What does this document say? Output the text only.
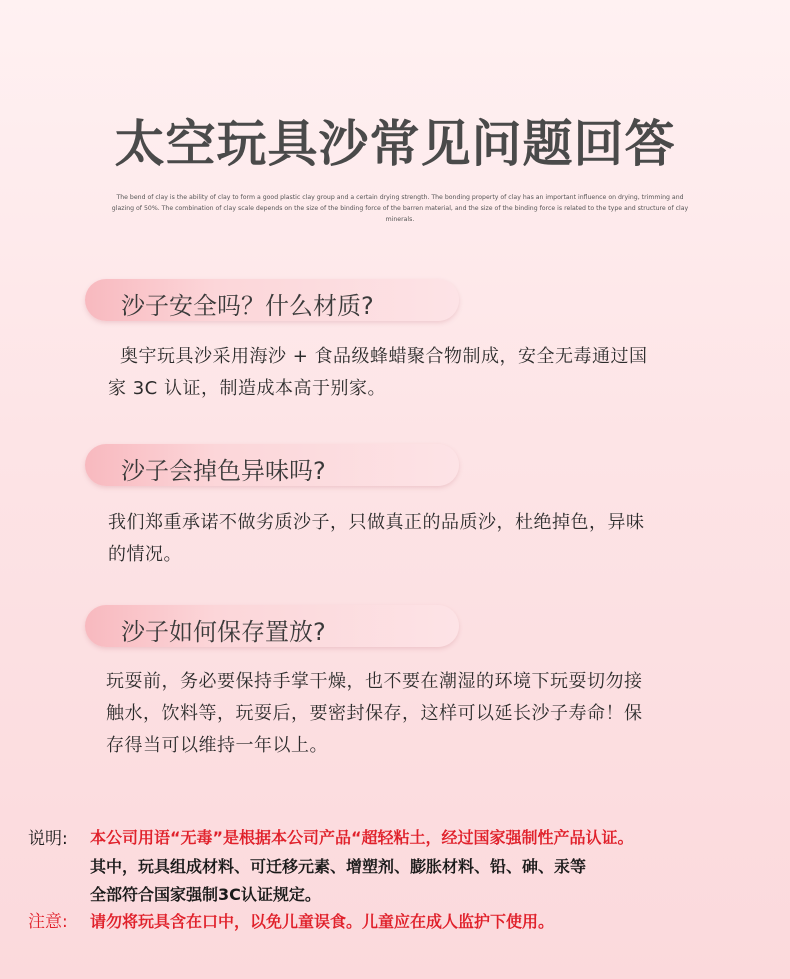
太空玩具沙常见问题回答
The bend of clay is the ability of clay to form a good plastic clay group and a certain drying strength. The bonding property of clay has an important influence on drying, trimming and glazing of 50%. The combination of clay scale depends on the size of the binding force of the barren material, and the size of the binding force is related to the type and structure of clay minerals.
沙子安全吗？什么材质?
奥宇玩具沙采用海沙 + 食品级蜂蜡聚合物制成，安全无毒通过国
家 3C 认证，制造成本高于别家。
沙子会掉色异味吗?
我们郑重承诺不做劣质沙子，只做真正的品质沙，杜绝掉色，异味
的情况。
沙子如何保存置放?
玩耍前，务必要保持手掌干燥，也不要在潮湿的环境下玩耍切勿接
触水，饮料等，玩耍后，要密封保存，这样可以延长沙子寿命！保
存得当可以维持一年以上。
说明: 本公司用语“无毒”是根据本公司产品“超轻粘土，经过国家强制性产品认证。
其中，玩具组成材料、可迁移元素、增塑剂、膨胀材料、铅、砷、汞等
全部符合国家强制3C认证规定。
注意: 请勿将玩具含在口中，以免儿童误食。儿童应在成人监护下使用。
